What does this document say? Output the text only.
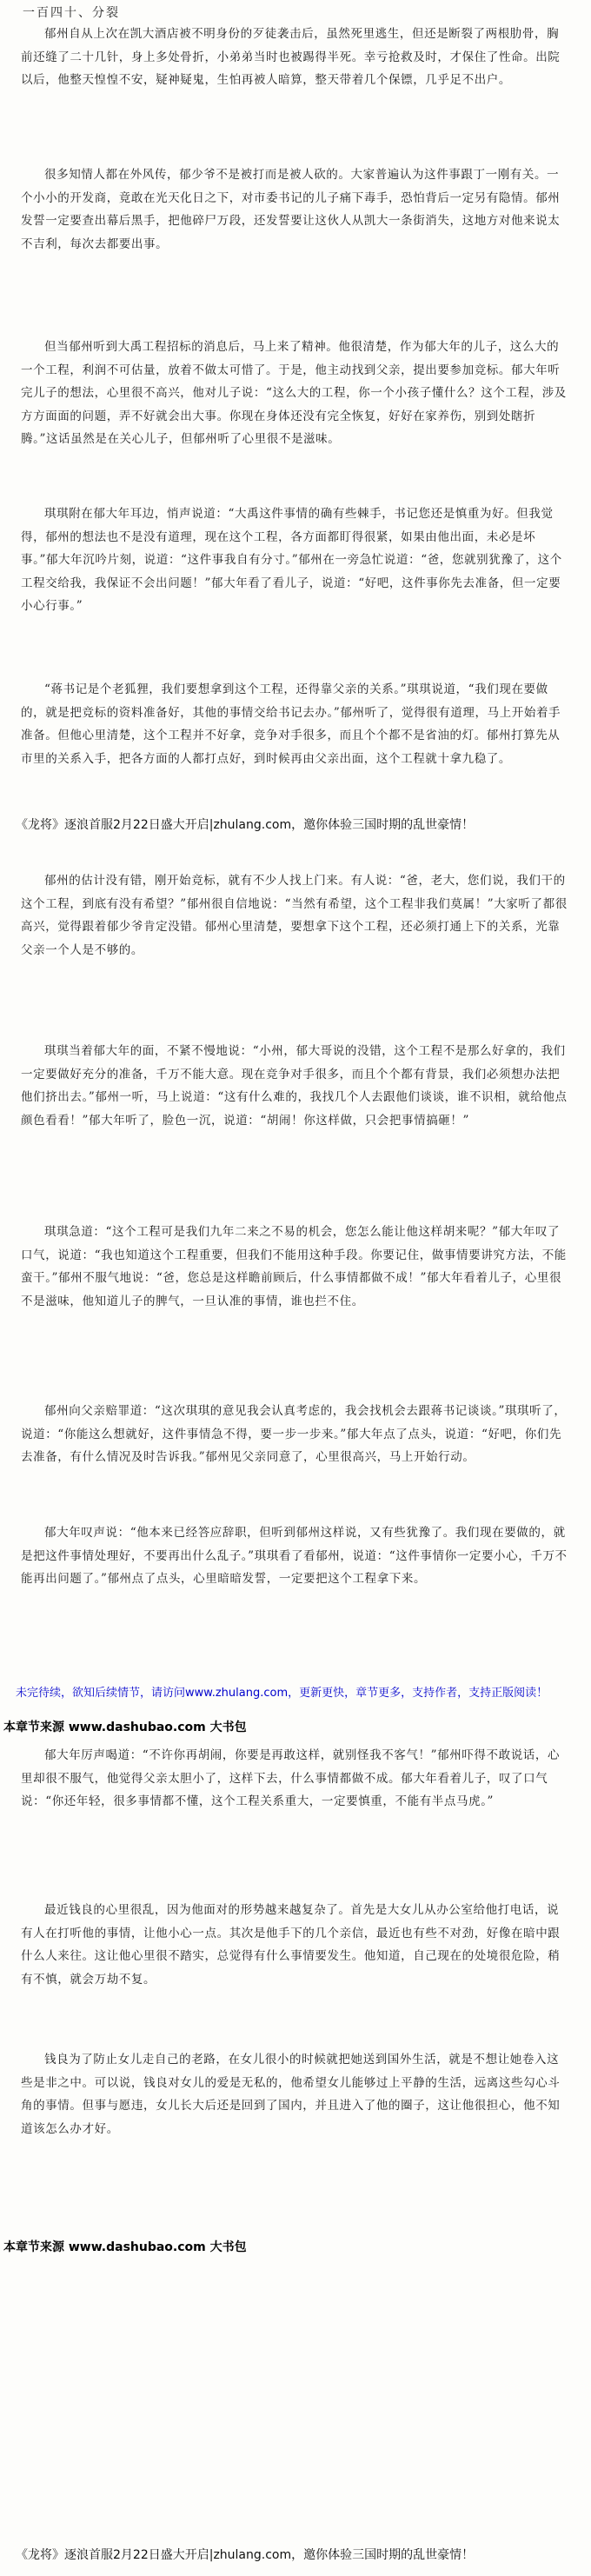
一百四十、分裂

郁州自从上次在凯大酒店被不明身份的歹徒袭击后，虽然死里逃生，但还是断裂了两根肋骨，胸前还缝了二十几针，身上多处骨折，小弟弟当时也被踢得半死。幸亏抢救及时，才保住了性命。出院以后，他整天惶惶不安，疑神疑鬼，生怕再被人暗算，整天带着几个保镖，几乎足不出户。

很多知情人都在外风传，郁少爷不是被打而是被人砍的。大家普遍认为这件事跟丁一刚有关。一个小小的开发商，竟敢在光天化日之下，对市委书记的儿子痛下毒手，恐怕背后一定另有隐情。郁州发誓一定要查出幕后黑手，把他碎尸万段，还发誓要让这伙人从凯大一条街消失，这地方对他来说太不吉利，每次去都要出事。

但当郁州听到大禹工程招标的消息后，马上来了精神。他很清楚，作为郁大年的儿子，这么大的一个工程，利润不可估量，放着不做太可惜了。于是，他主动找到父亲，提出要参加竞标。郁大年听完儿子的想法，心里很不高兴，他对儿子说：“这么大的工程，你一个小孩子懂什么？这个工程，涉及方方面面的问题，弄不好就会出大事。你现在身体还没有完全恢复，好好在家养伤，别到处瞎折腾。”这话虽然是在关心儿子，但郁州听了心里很不是滋味。

琪琪附在郁大年耳边，悄声说道：“大禹这件事情的确有些棘手，书记您还是慎重为好。但我觉得，郁州的想法也不是没有道理，现在这个工程，各方面都盯得很紧，如果由他出面，未必是坏事。”郁大年沉吟片刻，说道：“这件事我自有分寸。”郁州在一旁急忙说道：“爸，您就别犹豫了，这个工程交给我，我保证不会出问题！”郁大年看了看儿子，说道：“好吧，这件事你先去准备，但一定要小心行事。”

“蒋书记是个老狐狸，我们要想拿到这个工程，还得靠父亲的关系。”琪琪说道，“我们现在要做的，就是把竞标的资料准备好，其他的事情交给书记去办。”郁州听了，觉得很有道理，马上开始着手准备。但他心里清楚，这个工程并不好拿，竞争对手很多，而且个个都不是省油的灯。郁州打算先从市里的关系入手，把各方面的人都打点好，到时候再由父亲出面，这个工程就十拿九稳了。

《龙将》逐浪首服2月22日盛大开启|zhulang.com，邀你体验三国时期的乱世豪情！

郁州的估计没有错，刚开始竞标，就有不少人找上门来。有人说：“爸，老大，您们说，我们干的这个工程，到底有没有希望？”郁州很自信地说：“当然有希望，这个工程非我们莫属！”大家听了都很高兴，觉得跟着郁少爷肯定没错。郁州心里清楚，要想拿下这个工程，还必须打通上下的关系，光靠父亲一个人是不够的。

琪琪当着郁大年的面，不紧不慢地说：“小州，郁大哥说的没错，这个工程不是那么好拿的，我们一定要做好充分的准备，千万不能大意。现在竞争对手很多，而且个个都有背景，我们必须想办法把他们挤出去。”郁州一听，马上说道：“这有什么难的，我找几个人去跟他们谈谈，谁不识相，就给他点颜色看看！”郁大年听了，脸色一沉，说道：“胡闹！你这样做，只会把事情搞砸！”

琪琪急道：“这个工程可是我们九年二来之不易的机会，您怎么能让他这样胡来呢？”郁大年叹了口气，说道：“我也知道这个工程重要，但我们不能用这种手段。你要记住，做事情要讲究方法，不能蛮干。”郁州不服气地说：“爸，您总是这样瞻前顾后，什么事情都做不成！”郁大年看着儿子，心里很不是滋味，他知道儿子的脾气，一旦认准的事情，谁也拦不住。

郁州向父亲赔罪道：“这次琪琪的意见我会认真考虑的，我会找机会去跟蒋书记谈谈。”琪琪听了，说道：“你能这么想就好，这件事情急不得，要一步一步来。”郁大年点了点头，说道：“好吧，你们先去准备，有什么情况及时告诉我。”郁州见父亲同意了，心里很高兴，马上开始行动。

郁大年叹声说：“他本来已经答应辞职，但听到郁州这样说，又有些犹豫了。我们现在要做的，就是把这件事情处理好，不要再出什么乱子。”琪琪看了看郁州，说道：“这件事情你一定要小心，千万不能再出问题了。”郁州点了点头，心里暗暗发誓，一定要把这个工程拿下来。

未完待续，欲知后续情节，请访问www.zhulang.com，更新更快，章节更多，支持作者，支持正版阅读！
本章节来源 www.dashubao.com 大书包

郁大年厉声喝道：“不许你再胡闹，你要是再敢这样，就别怪我不客气！”郁州吓得不敢说话，心里却很不服气，他觉得父亲太胆小了，这样下去，什么事情都做不成。郁大年看着儿子，叹了口气说：“你还年轻，很多事情都不懂，这个工程关系重大，一定要慎重，不能有半点马虎。”

最近钱良的心里很乱，因为他面对的形势越来越复杂了。首先是大女儿从办公室给他打电话，说有人在打听他的事情，让他小心一点。其次是他手下的几个亲信，最近也有些不对劲，好像在暗中跟什么人来往。这让他心里很不踏实，总觉得有什么事情要发生。他知道，自己现在的处境很危险，稍有不慎，就会万劫不复。

钱良为了防止女儿走自己的老路，在女儿很小的时候就把她送到国外生活，就是不想让她卷入这些是非之中。可以说，钱良对女儿的爱是无私的，他希望女儿能够过上平静的生活，远离这些勾心斗角的事情。但事与愿违，女儿长大后还是回到了国内，并且进入了他的圈子，这让他很担心，他不知道该怎么办才好。

本章节来源 www.dashubao.com 大书包
《龙将》逐浪首服2月22日盛大开启|zhulang.com，邀你体验三国时期的乱世豪情！
